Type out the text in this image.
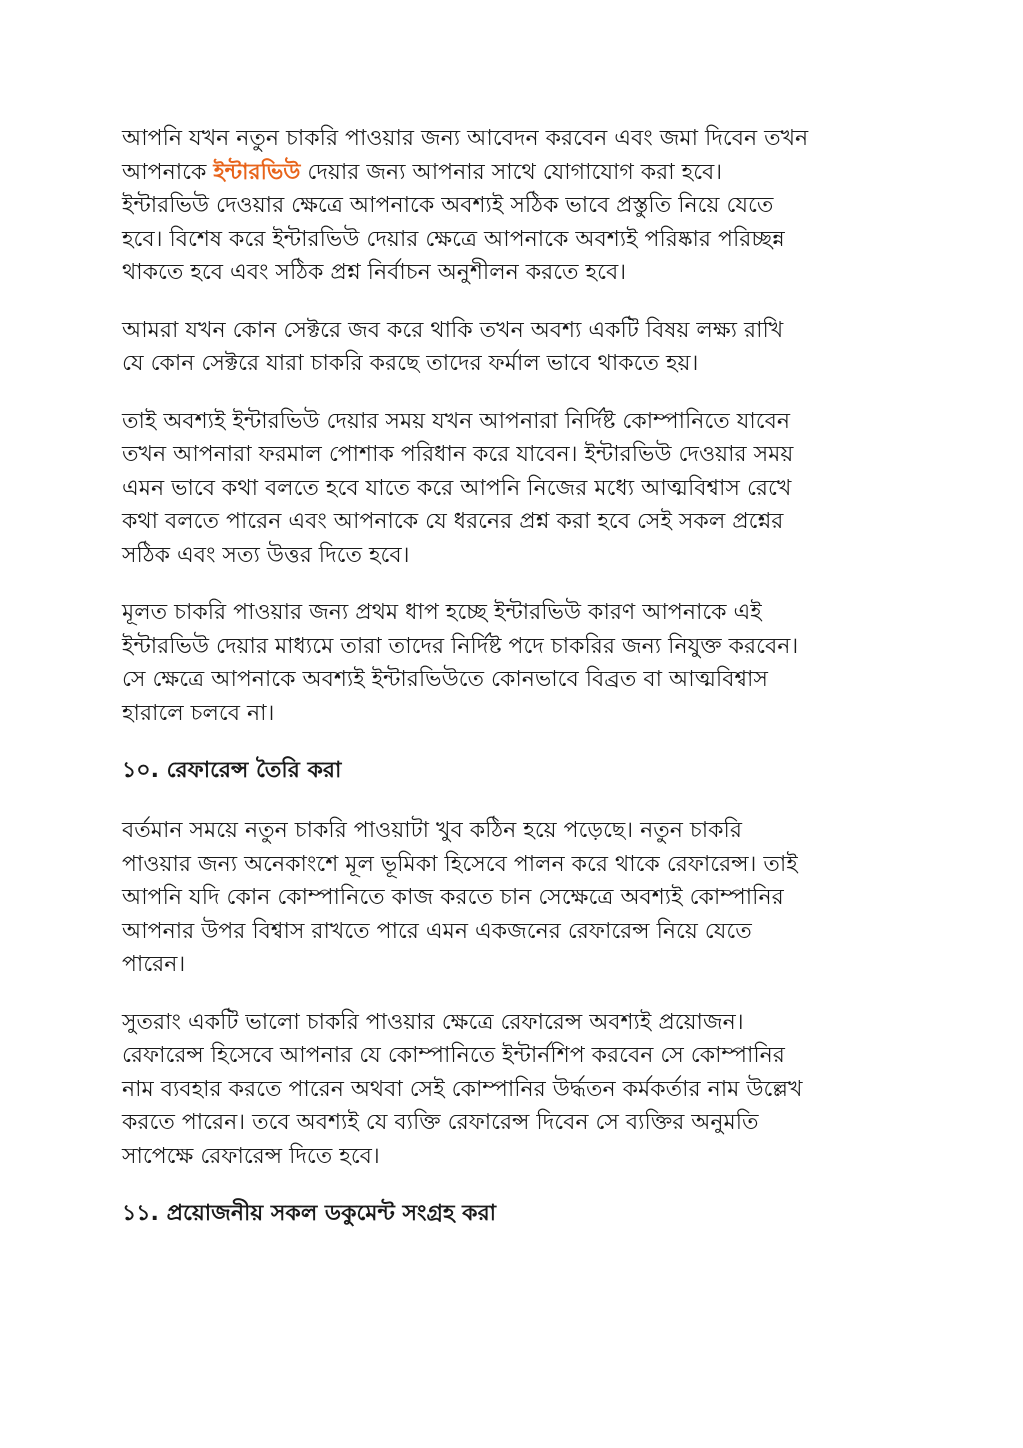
আপনি যখন নতুন চাকরি পাওয়ার জন্য আবেদন করবেন এবং জমা দিবেন তখন
আপনাকে ইন্টারভিউ দেয়ার জন্য আপনার সাথে যোগাযোগ করা হবে।
ইন্টারভিউ দেওয়ার ক্ষেত্রে আপনাকে অবশ্যই সঠিক ভাবে প্রস্তুতি নিয়ে যেতে
হবে। বিশেষ করে ইন্টারভিউ দেয়ার ক্ষেত্রে আপনাকে অবশ্যই পরিষ্কার পরিচ্ছন্ন
থাকতে হবে এবং সঠিক প্রশ্ন নির্বাচন অনুশীলন করতে হবে।

আমরা যখন কোন সেক্টরে জব করে থাকি তখন অবশ্য একটি বিষয় লক্ষ্য রাখি
যে কোন সেক্টরে যারা চাকরি করছে তাদের ফর্মাল ভাবে থাকতে হয়।

তাই অবশ্যই ইন্টারভিউ দেয়ার সময় যখন আপনারা নির্দিষ্ট কোম্পানিতে যাবেন
তখন আপনারা ফরমাল পোশাক পরিধান করে যাবেন। ইন্টারভিউ দেওয়ার সময়
এমন ভাবে কথা বলতে হবে যাতে করে আপনি নিজের মধ্যে আত্মবিশ্বাস রেখে
কথা বলতে পারেন এবং আপনাকে যে ধরনের প্রশ্ন করা হবে সেই সকল প্রশ্নের
সঠিক এবং সত্য উত্তর দিতে হবে।

মূলত চাকরি পাওয়ার জন্য প্রথম ধাপ হচ্ছে ইন্টারভিউ কারণ আপনাকে এই
ইন্টারভিউ দেয়ার মাধ্যমে তারা তাদের নির্দিষ্ট পদে চাকরির জন্য নিযুক্ত করবেন।
সে ক্ষেত্রে আপনাকে অবশ্যই ইন্টারভিউতে কোনভাবে বিব্রত বা আত্মবিশ্বাস
হারালে চলবে না।

১০. রেফারেন্স তৈরি করা

বর্তমান সময়ে নতুন চাকরি পাওয়াটা খুব কঠিন হয়ে পড়েছে। নতুন চাকরি
পাওয়ার জন্য অনেকাংশে মূল ভূমিকা হিসেবে পালন করে থাকে রেফারেন্স। তাই
আপনি যদি কোন কোম্পানিতে কাজ করতে চান সেক্ষেত্রে অবশ্যই কোম্পানির
আপনার উপর বিশ্বাস রাখতে পারে এমন একজনের রেফারেন্স নিয়ে যেতে
পারেন।

সুতরাং একটি ভালো চাকরি পাওয়ার ক্ষেত্রে রেফারেন্স অবশ্যই প্রয়োজন।
রেফারেন্স হিসেবে আপনার যে কোম্পানিতে ইন্টার্নশিপ করবেন সে কোম্পানির
নাম ব্যবহার করতে পারেন অথবা সেই কোম্পানির উর্দ্ধতন কর্মকর্তার নাম উল্লেখ
করতে পারেন। তবে অবশ্যই যে ব্যক্তি রেফারেন্স দিবেন সে ব্যক্তির অনুমতি
সাপেক্ষে রেফারেন্স দিতে হবে।

১১. প্রয়োজনীয় সকল ডকুমেন্ট সংগ্রহ করা
